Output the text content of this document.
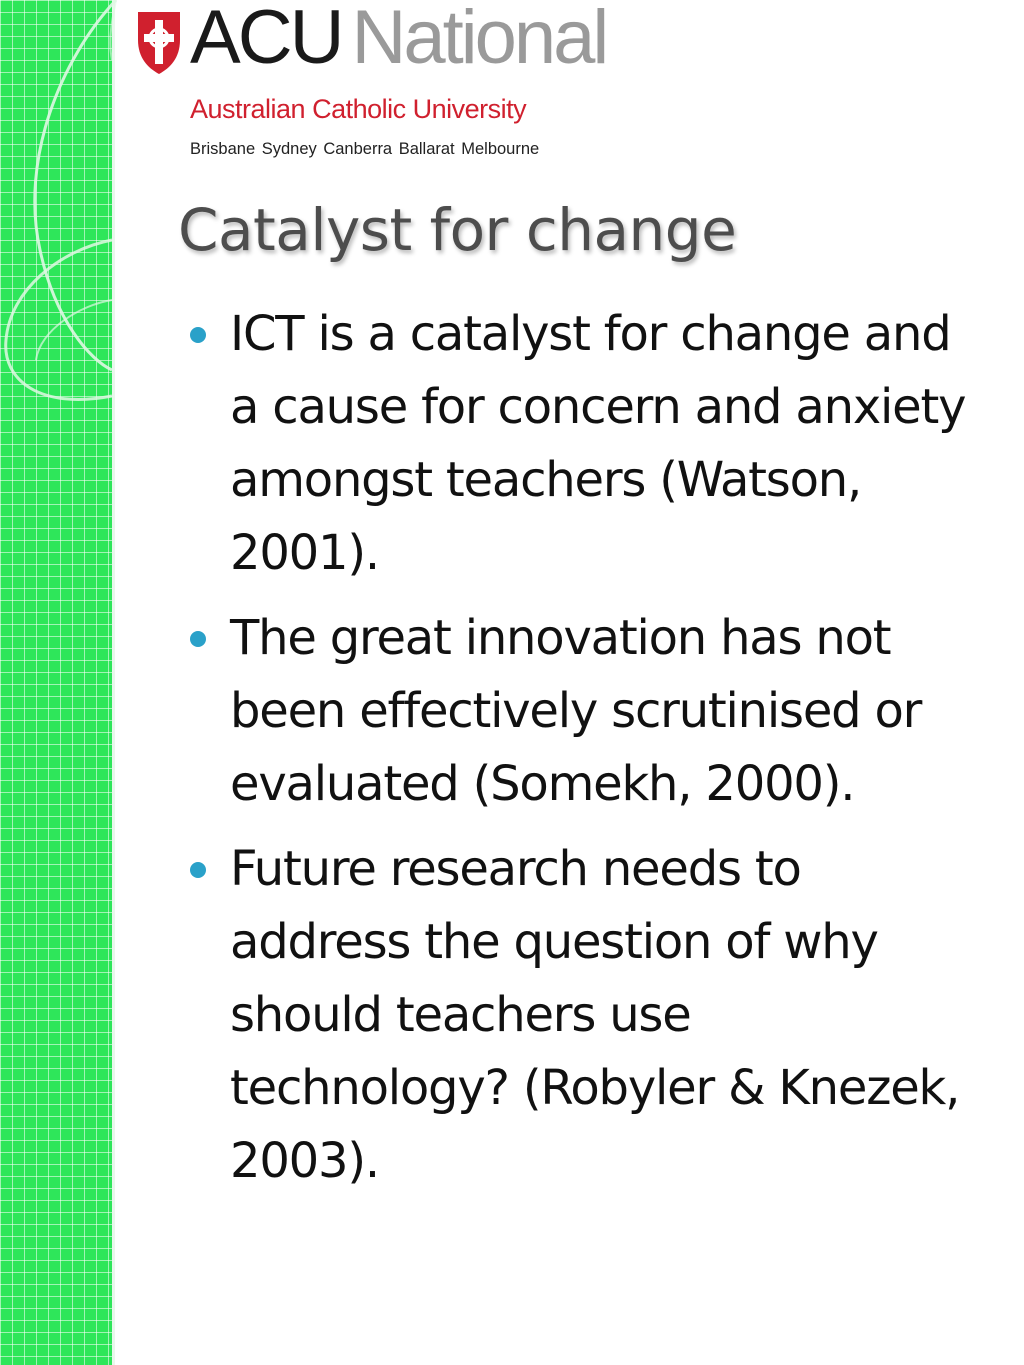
ACU National
Australian Catholic University
Brisbane Sydney Canberra Ballarat Melbourne
Catalyst for change
ICT is a catalyst for change and a cause for concern and anxiety amongst teachers (Watson, 2001).
The great innovation has not been effectively scrutinised or evaluated (Somekh, 2000).
Future research needs to address the question of why should teachers use technology? (Robyler & Knezek, 2003).
